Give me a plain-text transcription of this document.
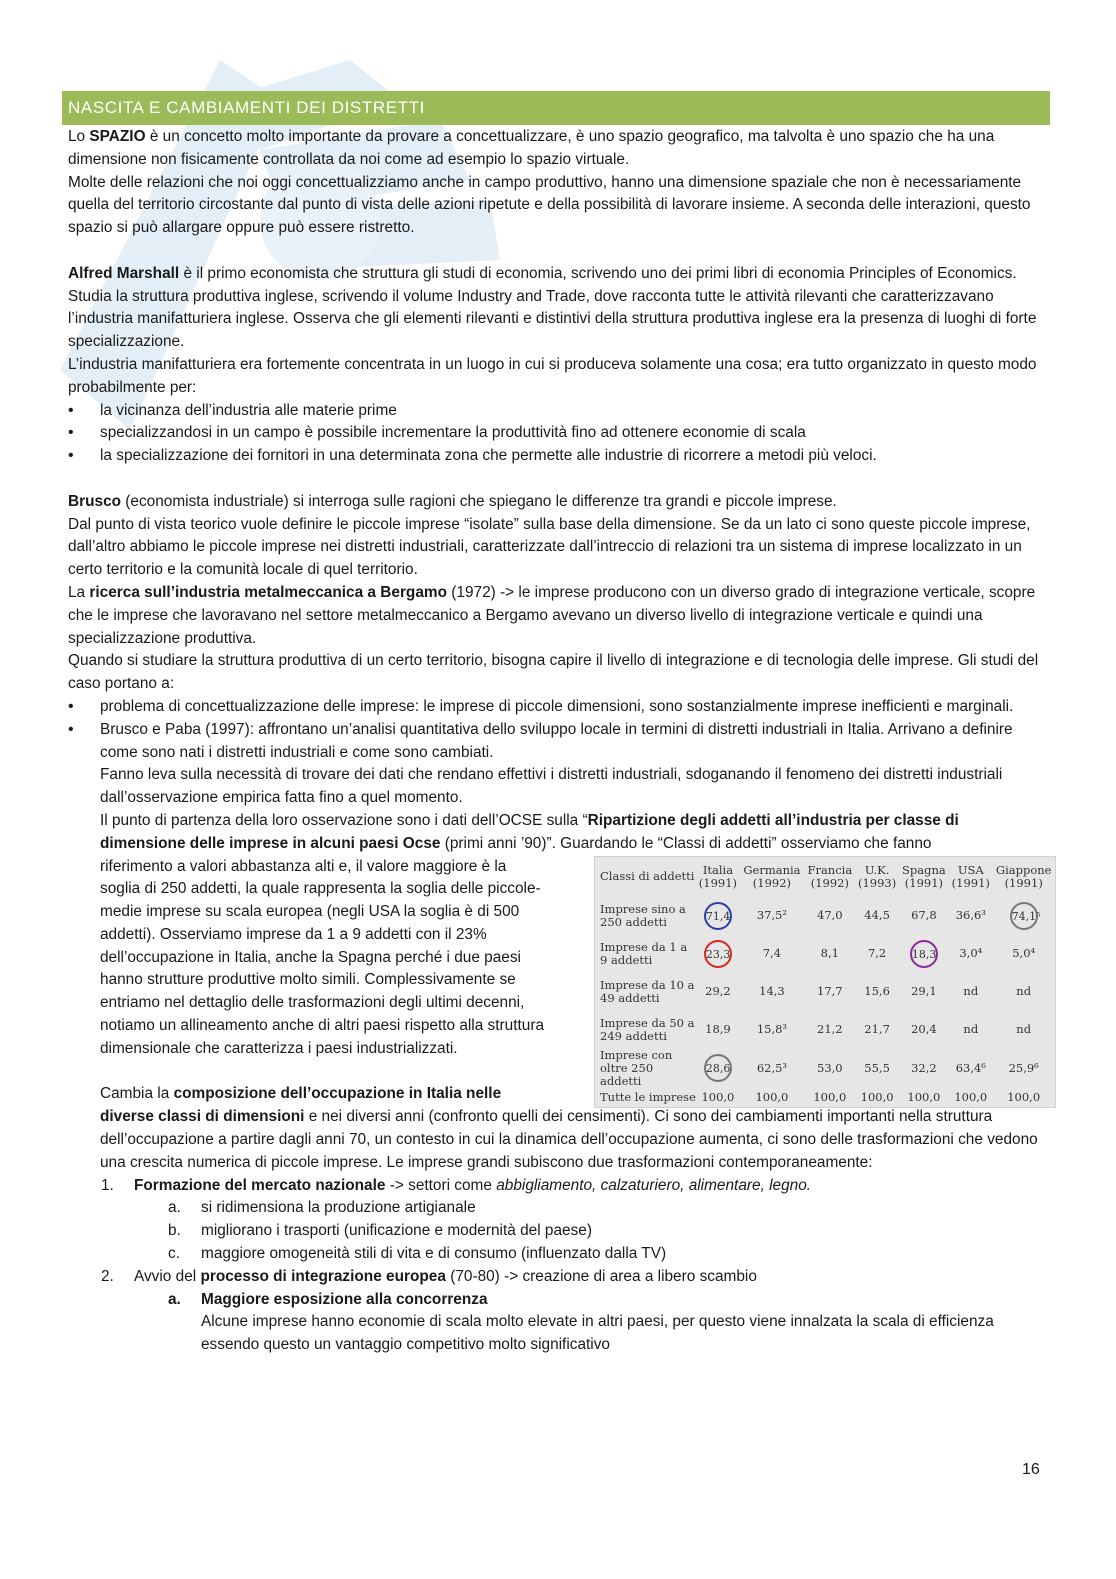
NASCITA E CAMBIAMENTI DEI DISTRETTI

Lo SPAZIO è un concetto molto importante da provare a concettualizzare, è uno spazio geografico, ma talvolta è uno spazio che ha una dimensione non fisicamente controllata da noi come ad esempio lo spazio virtuale.

Molte delle relazioni che noi oggi concettualizziamo anche in campo produttivo, hanno una dimensione spaziale che non è necessariamente quella del territorio circostante dal punto di vista delle azioni ripetute e della possibilità di lavorare insieme. A seconda delle interazioni, questo spazio si può allargare oppure può essere ristretto.

Alfred Marshall è il primo economista che struttura gli studi di economia, scrivendo uno dei primi libri di economia Principles of Economics. Studia la struttura produttiva inglese, scrivendo il volume Industry and Trade, dove racconta tutte le attività rilevanti che caratterizzavano l’industria manifatturiera inglese. Osserva che gli elementi rilevanti e distintivi della struttura produttiva inglese era la presenza di luoghi di forte specializzazione.

L’industria manifatturiera era fortemente concentrata in un luogo in cui si produceva solamente una cosa; era tutto organizzato in questo modo probabilmente per:

• la vicinanza dell’industria alle materie prime
• specializzandosi in un campo è possibile incrementare la produttività fino ad ottenere economie di scala
• la specializzazione dei fornitori in una determinata zona che permette alle industrie di ricorrere a metodi più veloci.

Brusco (economista industriale) si interroga sulle ragioni che spiegano le differenze tra grandi e piccole imprese.

Dal punto di vista teorico vuole definire le piccole imprese “isolate” sulla base della dimensione. Se da un lato ci sono queste piccole imprese, dall’altro abbiamo le piccole imprese nei distretti industriali, caratterizzate dall’intreccio di relazioni tra un sistema di imprese localizzato in un certo territorio e la comunità locale di quel territorio.

La ricerca sull’industria metalmeccanica a Bergamo (1972) -> le imprese producono con un diverso grado di integrazione verticale, scopre che le imprese che lavoravano nel settore metalmeccanico a Bergamo avevano un diverso livello di integrazione verticale e quindi una specializzazione produttiva.

Quando si studiare la struttura produttiva di un certo territorio, bisogna capire il livello di integrazione e di tecnologia delle imprese. Gli studi del caso portano a:

• problema di concettualizzazione delle imprese: le imprese di piccole dimensioni, sono sostanzialmente imprese inefficienti e marginali.
• Brusco e Paba (1997): affrontano un’analisi quantitativa dello sviluppo locale in termini di distretti industriali in Italia. Arrivano a definire come sono nati i distretti industriali e come sono cambiati.
Fanno leva sulla necessità di trovare dei dati che rendano effettivi i distretti industriali, sdoganando il fenomeno dei distretti industriali dall’osservazione empirica fatta fino a quel momento.
Il punto di partenza della loro osservazione sono i dati dell’OCSE sulla “Ripartizione degli addetti all’industria per classe di dimensione delle imprese in alcuni paesi Ocse (primi anni ’90)”. Guardando le “Classi di addetti” osserviamo che fanno
riferimento a valori abbastanza alti e, il valore maggiore è la soglia di 250 addetti, la quale rappresenta la soglia delle piccole-medie imprese su scala europea (negli USA la soglia è di 500 addetti). Osserviamo imprese da 1 a 9 addetti con il 23% dell’occupazione in Italia, anche la Spagna perché i due paesi hanno strutture produttive molto simili. Complessivamente se entriamo nel dettaglio delle trasformazioni degli ultimi decenni, notiamo un allineamento anche di altri paesi rispetto alla struttura dimensionale che caratterizza i paesi industrializzati.
Classi di addetti	Italia (1991)	Germania (1992)	Francia (1992)	U.K. (1993)	Spagna (1991)	USA (1991)	Giappone (1991)
Imprese sino a 250 addetti	71,4	37,5²	47,0	44,5	67,8	36,6³	74,1⁵
Imprese da 1 a 9 addetti	23,3	7,4	8,1	7,2	18,3	3,0⁴	5,0⁴
Imprese da 10 a 49 addetti	29,2	14,3	17,7	15,6	29,1	nd	nd
Imprese da 50 a 249 addetti	18,9	15,8³	21,2	21,7	20,4	nd	nd
Imprese con oltre 250 addetti	28,6	62,5³	53,0	55,5	32,2	63,4⁶	25,9⁶
Tutte le imprese	100,0	100,0	100,0	100,0	100,0	100,0	100,0
Cambia la composizione dell’occupazione in Italia nelle
diverse classi di dimensioni e nei diversi anni (confronto quelli dei censimenti). Ci sono dei cambiamenti importanti nella struttura dell’occupazione a partire dagli anni 70, un contesto in cui la dinamica dell’occupazione aumenta, ci sono delle trasformazioni che vedono una crescita numerica di piccole imprese. Le imprese grandi subiscono due trasformazioni contemporaneamente:
1. Formazione del mercato nazionale -> settori come abbigliamento, calzaturiero, alimentare, legno.
a. si ridimensiona la produzione artigianale
b. migliorano i trasporti (unificazione e modernità del paese)
c. maggiore omogeneità stili di vita e di consumo (influenzato dalla TV)
2. Avvio del processo di integrazione europea (70-80) -> creazione di area a libero scambio
a. Maggiore esposizione alla concorrenza
Alcune imprese hanno economie di scala molto elevate in altri paesi, per questo viene innalzata la scala di efficienza essendo questo un vantaggio competitivo molto significativo
16
